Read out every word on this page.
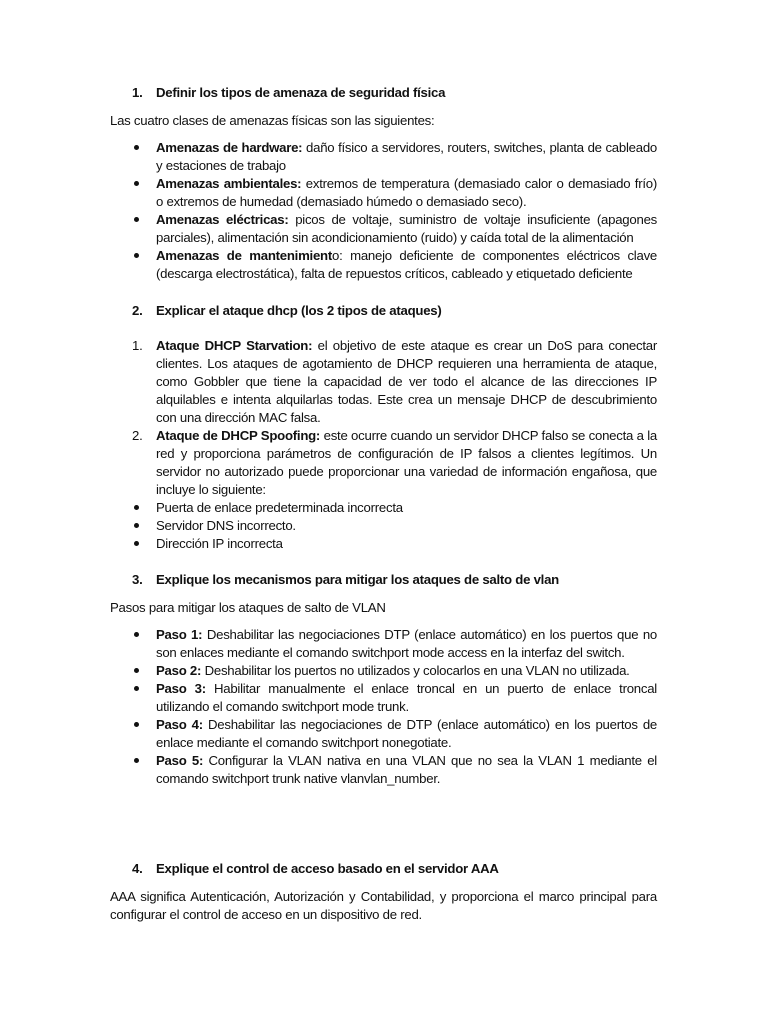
1. Definir los tipos de amenaza de seguridad física
Las cuatro clases de amenazas físicas son las siguientes:
Amenazas de hardware: daño físico a servidores, routers, switches, planta de cableado y estaciones de trabajo
Amenazas ambientales: extremos de temperatura (demasiado calor o demasiado frío) o extremos de humedad (demasiado húmedo o demasiado seco).
Amenazas eléctricas: picos de voltaje, suministro de voltaje insuficiente (apagones parciales), alimentación sin acondicionamiento (ruido) y caída total de la alimentación
Amenazas de mantenimiento: manejo deficiente de componentes eléctricos clave (descarga electrostática), falta de repuestos críticos, cableado y etiquetado deficiente
2. Explicar el ataque dhcp (los 2 tipos de ataques)
1.	Ataque DHCP Starvation: el objetivo de este ataque es crear un DoS para conectar clientes. Los ataques de agotamiento de DHCP requieren una herramienta de ataque, como Gobbler que tiene la capacidad de ver todo el alcance de las direcciones IP alquilables e intenta alquilarlas todas. Este crea un mensaje DHCP de descubrimiento con una dirección MAC falsa.
2.	Ataque de DHCP Spoofing: este ocurre cuando un servidor DHCP falso se conecta a la red y proporciona parámetros de configuración de IP falsos a clientes legítimos. Un servidor no autorizado puede proporcionar una variedad de información engañosa, que incluye lo siguiente:
Puerta de enlace predeterminada incorrecta
Servidor DNS incorrecto.
Dirección IP incorrecta
3. Explique los mecanismos para mitigar los ataques de salto de vlan
Pasos para mitigar los ataques de salto de VLAN
Paso 1: Deshabilitar las negociaciones DTP (enlace automático) en los puertos que no son enlaces mediante el comando switchport mode access en la interfaz del switch.
Paso 2: Deshabilitar los puertos no utilizados y colocarlos en una VLAN no utilizada.
Paso 3: Habilitar manualmente el enlace troncal en un puerto de enlace troncal utilizando el comando switchport mode trunk.
Paso 4: Deshabilitar las negociaciones de DTP (enlace automático) en los puertos de enlace mediante el comando switchport nonegotiate.
Paso 5: Configurar la VLAN nativa en una VLAN que no sea la VLAN 1 mediante el comando switchport trunk native vlanvlan_number.
4. Explique el control de acceso basado en el servidor AAA
AAA significa Autenticación, Autorización y Contabilidad, y proporciona el marco principal para configurar el control de acceso en un dispositivo de red.
